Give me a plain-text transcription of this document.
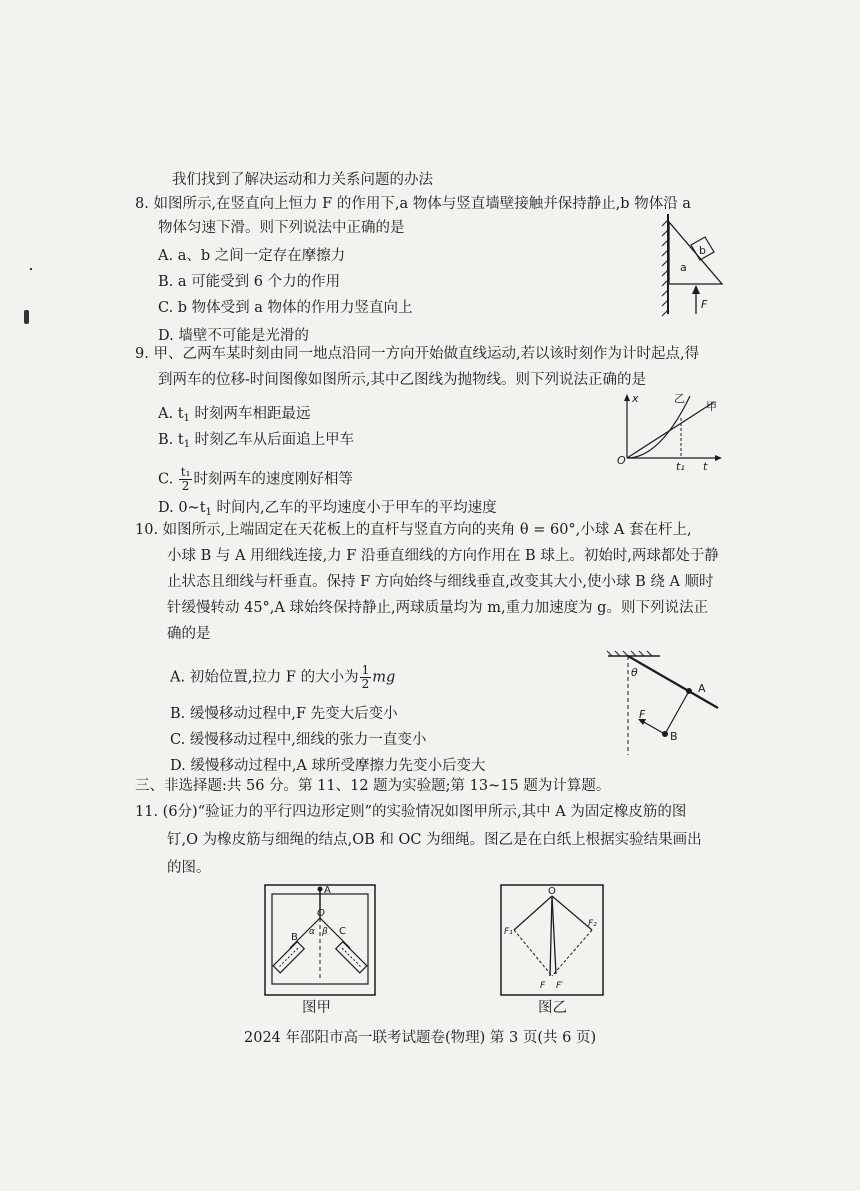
我们找到了解决运动和力关系问题的办法
8. 如图所示,在竖直向上恒力 F 的作用下,a 物体与竖直墙壁接触并保持静止,b 物体沿 a
物体匀速下滑。则下列说法中正确的是
A. a、b 之间一定存在摩擦力
B. a 可能受到 6 个力的作用
C. b 物体受到 a 物体的作用力竖直向上
D. 墙壁不可能是光滑的
a
b
F
9. 甲、乙两车某时刻由同一地点沿同一方向开始做直线运动,若以该时刻作为计时起点,得
到两车的位移-时间图像如图所示,其中乙图线为抛物线。则下列说法正确的是
A. $t_1$ 时刻两车相距最远
B. $t_1$ 时刻乙车从后面追上甲车
C. $\frac{\text{t₁}}{2}$ 时刻两车的速度刚好相等
D. $0\sim t_1$ 时间内,乙车的平均速度小于甲车的平均速度
x
t
O	t₁
乙
甲
10. 如图所示,上端固定在天花板上的直杆与竖直方向的夹角 θ = 60°,小球 A 套在杆上,
小球 B 与 A 用细线连接,力 F 沿垂直细线的方向作用在 B 球上。初始时,两球都处于静
止状态且细线与杆垂直。保持 F 方向始终与细线垂直,改变其大小,使小球 B 绕 A 顺时
针缓慢转动 45°,A 球始终保持静止,两球质量均为 m,重力加速度为 g。则下列说法正
确的是
A. 初始位置,拉力 F 的大小为 $\frac{1}{2}$ mg
B. 缓慢移动过程中,F 先变大后变小
C. 缓慢移动过程中,细线的张力一直变小
D. 缓慢移动过程中,A 球所受摩擦力先变小后变大
θ
A
B
F
三、非选择题:共 56 分。第 11、12 题为实验题;第 13~15 题为计算题。
11. (6分)“验证力的平行四边形定则”的实验情况如图甲所示,其中 A 为固定橡皮筋的图
钉,O 为橡皮筋与细绳的结点,OB 和 OC 为细绳。图乙是在白纸上根据实验结果画出
的图。
A
O
B
C
α β
图甲
O
F₁
F₂
F F′
图乙
2024 年邵阳市高一联考试题卷(物理) 第 3 页(共 6 页)
